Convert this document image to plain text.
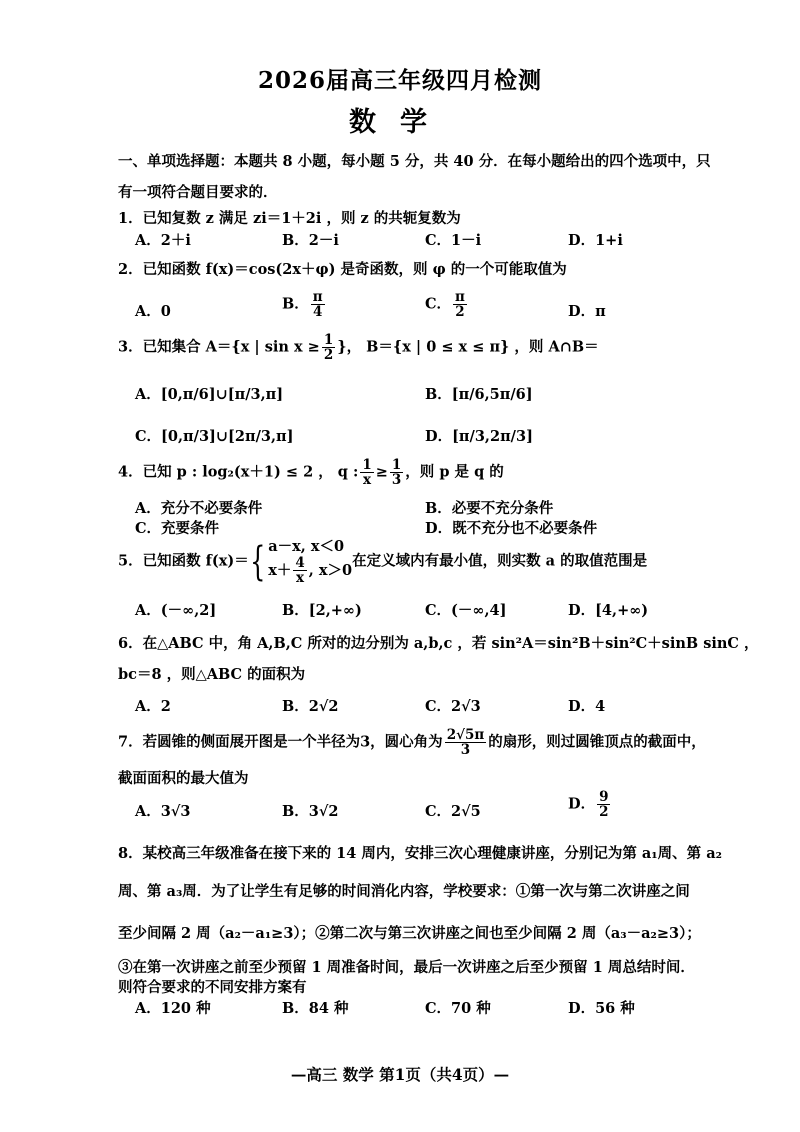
2026届高三年级四月检测
数学
一、单项选择题：本题共 8 小题，每小题 5 分，共 40 分．在每小题给出的四个选项中，只
有一项符合题目要求的．
1．已知复数 z 满足 zi＝1＋2i ，则 z 的共轭复数为
A．2＋i	B．2－i	C．1－i	D．1+i
2．已知函数 f(x)＝cos(2x＋φ) 是奇函数，则 φ 的一个可能取值为
A．0	B． $\frac{\pi}{4}$	C． $\frac{\pi}{2}$	D．π
3．已知集合 A＝{x | $\sin x \ge \frac{1}{2}$ }， B＝{x | 0 ≤ x ≤ π} ，则 A∩B＝
A．[0,π/6]∪[π/3,π]	B．[π/6,5π/6]
C．[0,π/3]∪[2π/3,π]	D．[π/3,2π/3]
4．已知 p : log₂(x＋1) ≤ 2 ， q : $\frac{1}{x} \ge \frac{1}{3}$ ，则 p 是 q 的
A．充分不必要条件	B．必要不充分条件
C．充要条件	D．既不充分也不必要条件
5．已知函数 f(x)＝{ a－x, x＜0
$x+ \frac{4}{x}$ , x＞0
在定义域内有最小值，则实数 a 的取值范围是
A．(－∞,2]	B．[2,+∞)	C．(－∞,4]	D．[4,+∞)
6．在△ABC 中，角 A,B,C 所对的边分别为 a,b,c ，若 sin²A＝sin²B＋sin²C＋sinB sinC ，
bc＝8 ，则△ABC 的面积为
A．2	B．2√2	C．2√3	D．4
7．若圆锥的侧面展开图是一个半径为3，圆心角为 $\frac{2√5\pi}{3}$ 的扇形，则过圆锥顶点的截面中，
截面面积的最大值为
A．3√3	B．3√2	C．2√5	D． $\frac{9}{2}$
8．某校高三年级准备在接下来的 14 周内，安排三次心理健康讲座，分别记为第 a₁周、第 a₂
周、第 a₃周．为了让学生有足够的时间消化内容，学校要求：①第一次与第二次讲座之间
至少间隔 2 周（a₂－a₁≥3）；②第二次与第三次讲座之间也至少间隔 2 周（a₃－a₂≥3）；
③在第一次讲座之前至少预留 1 周准备时间，最后一次讲座之后至少预留 1 周总结时间．
则符合要求的不同安排方案有
A．120 种	B．84 种	C．70 种	D．56 种
—高三 数学 第1页（共4页）—
